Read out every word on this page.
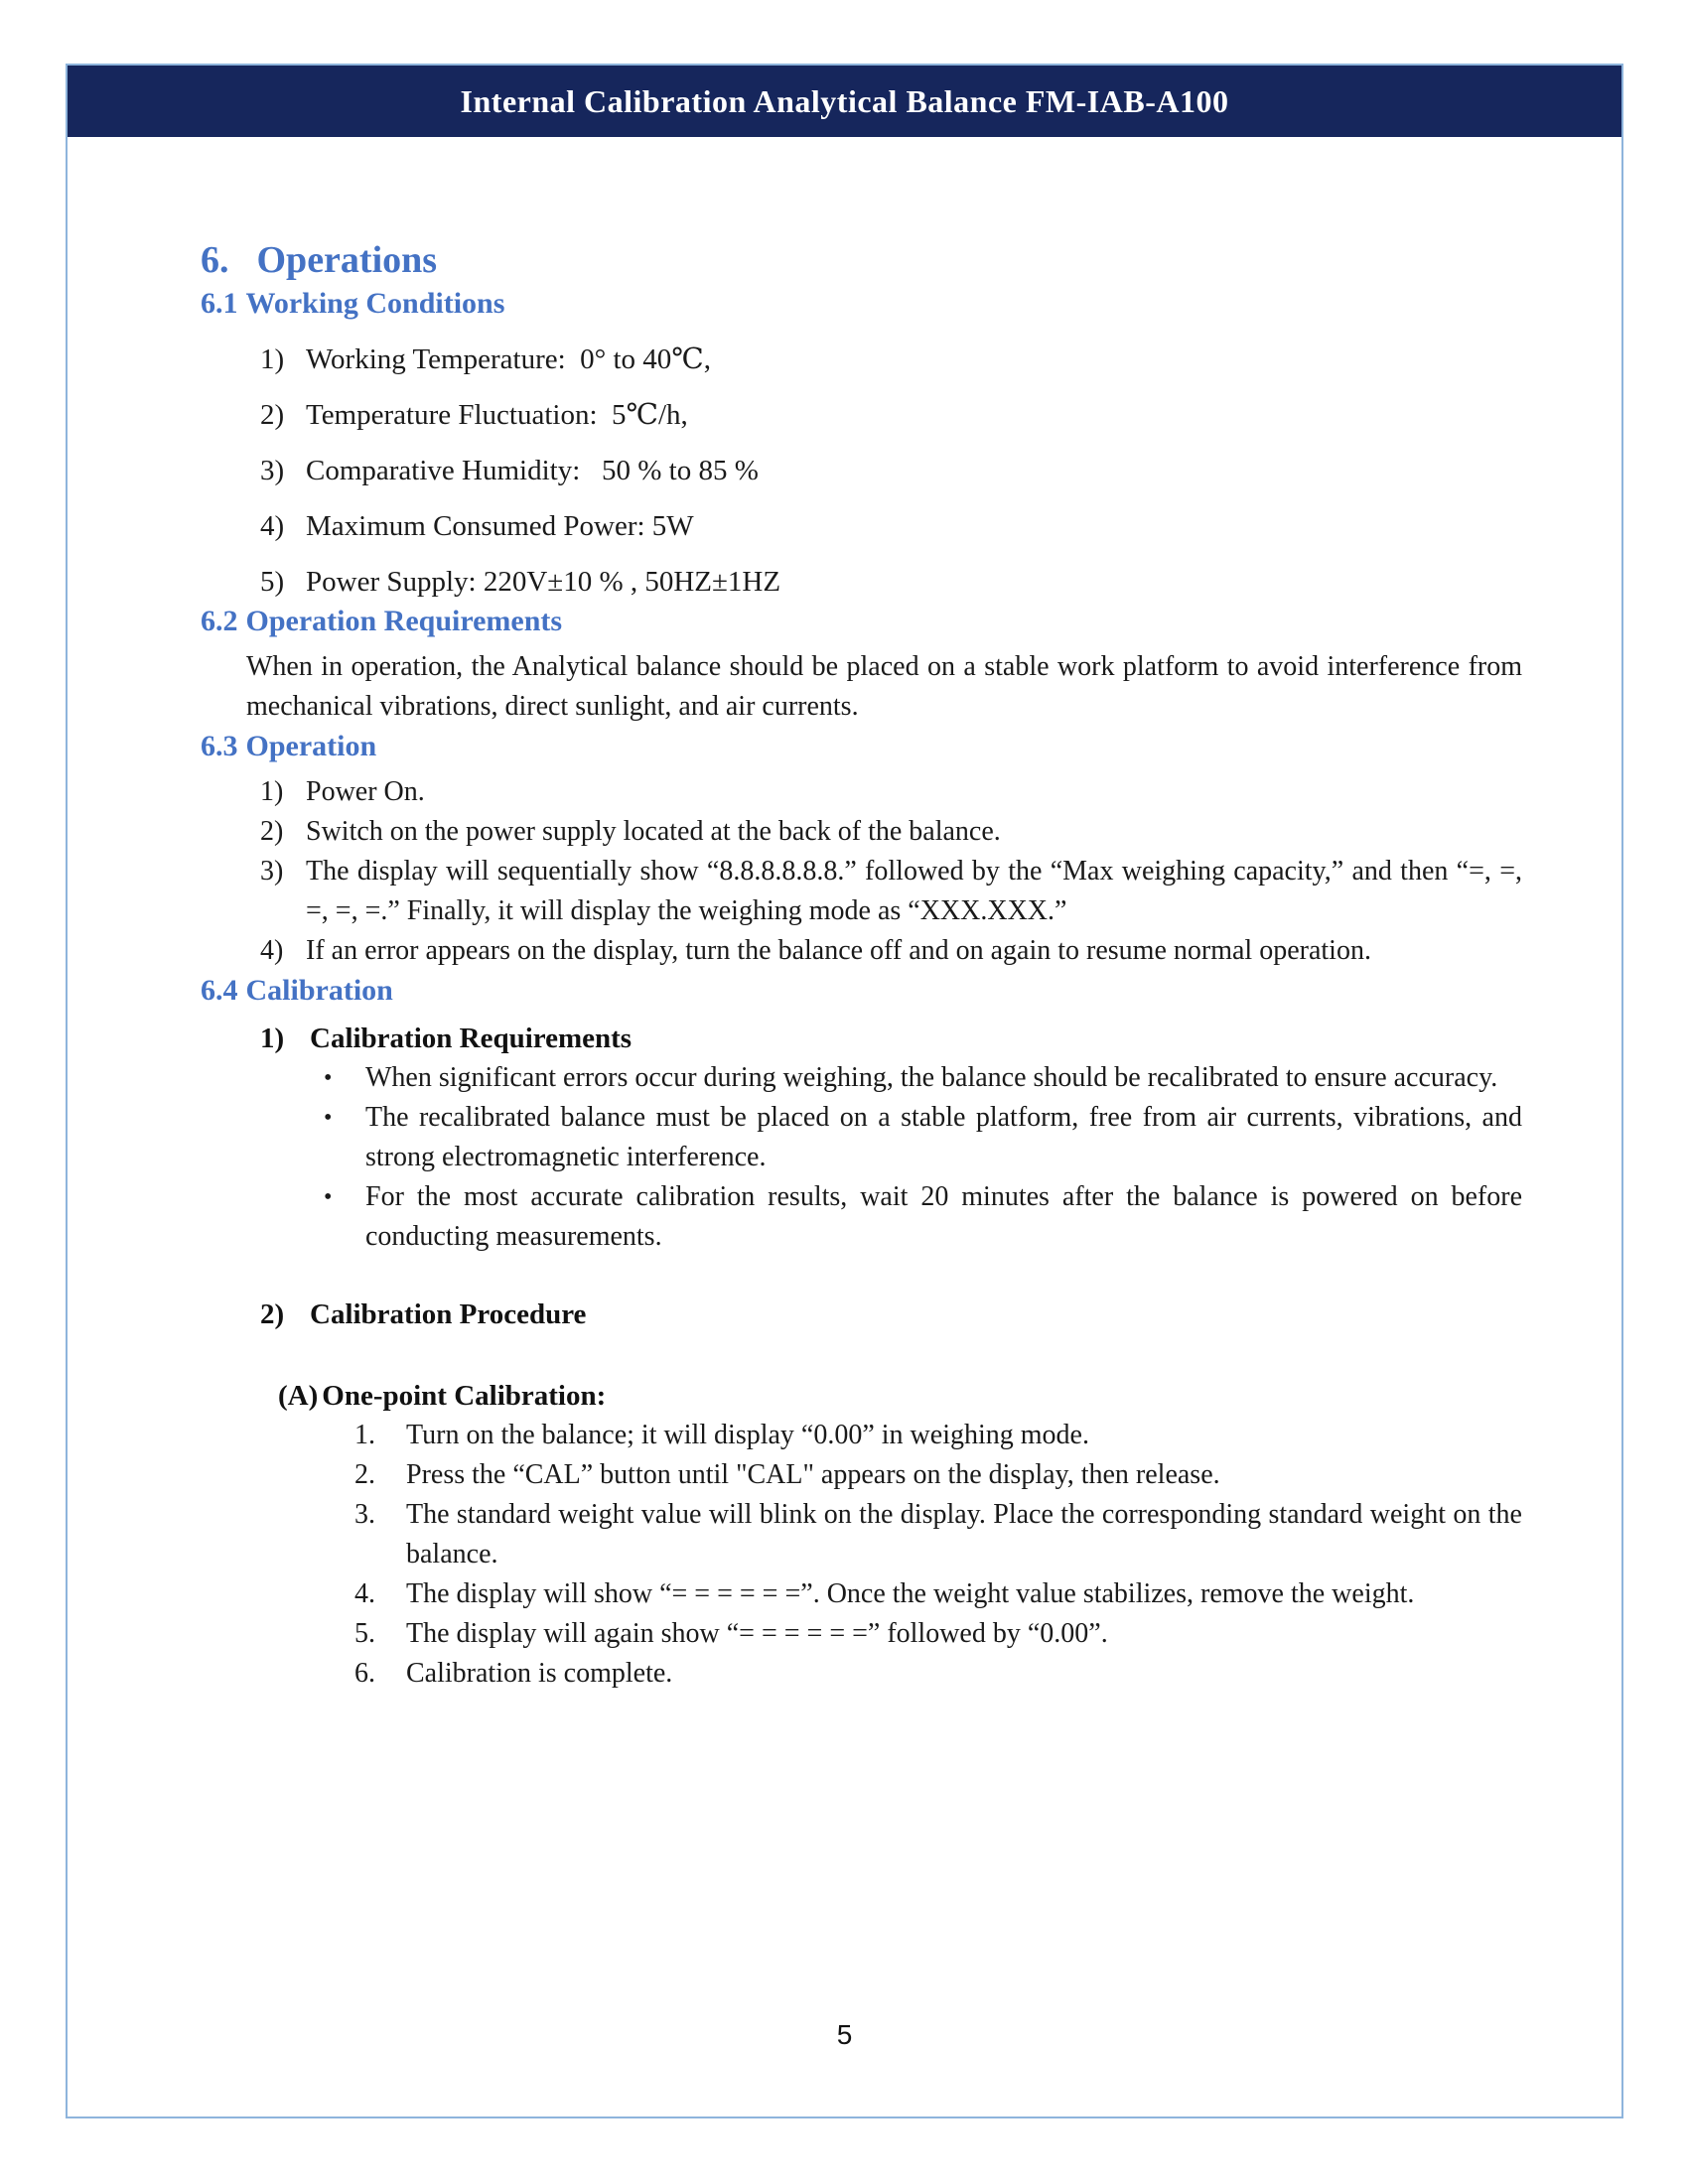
Internal Calibration Analytical Balance FM-IAB-A100
6. Operations
6.1 Working Conditions
1) Working Temperature:  0° to 40℃,
2) Temperature Fluctuation:  5℃/h,
3) Comparative Humidity:   50 % to 85 %
4) Maximum Consumed Power: 5W
5) Power Supply: 220V±10 % , 50HZ±1HZ
6.2 Operation Requirements
When in operation, the Analytical balance should be placed on a stable work platform to avoid interference from mechanical vibrations, direct sunlight, and air currents.
6.3 Operation
1) Power On.
2) Switch on the power supply located at the back of the balance.
3) The display will sequentially show “8.8.8.8.8.8.” followed by the “Max weighing capacity,” and then “=, =, =, =, =.” Finally, it will display the weighing mode as “XXX.XXX.”
4) If an error appears on the display, turn the balance off and on again to resume normal operation.
6.4 Calibration
1) Calibration Requirements
•	When significant errors occur during weighing, the balance should be recalibrated to ensure accuracy.
•	The recalibrated balance must be placed on a stable platform, free from air currents, vibrations, and strong electromagnetic interference.
•	For the most accurate calibration results, wait 20 minutes after the balance is powered on before conducting measurements.
2) Calibration Procedure
(A) One-point Calibration:
1.	Turn on the balance; it will display “0.00” in weighing mode.
2.	Press the “CAL” button until "CAL" appears on the display, then release.
3.	The standard weight value will blink on the display. Place the corresponding standard weight on the balance.
4.	The display will show “= = = = = =”. Once the weight value stabilizes, remove the weight.
5.	The display will again show “= = = = = =” followed by “0.00”.
6.	Calibration is complete.
5
